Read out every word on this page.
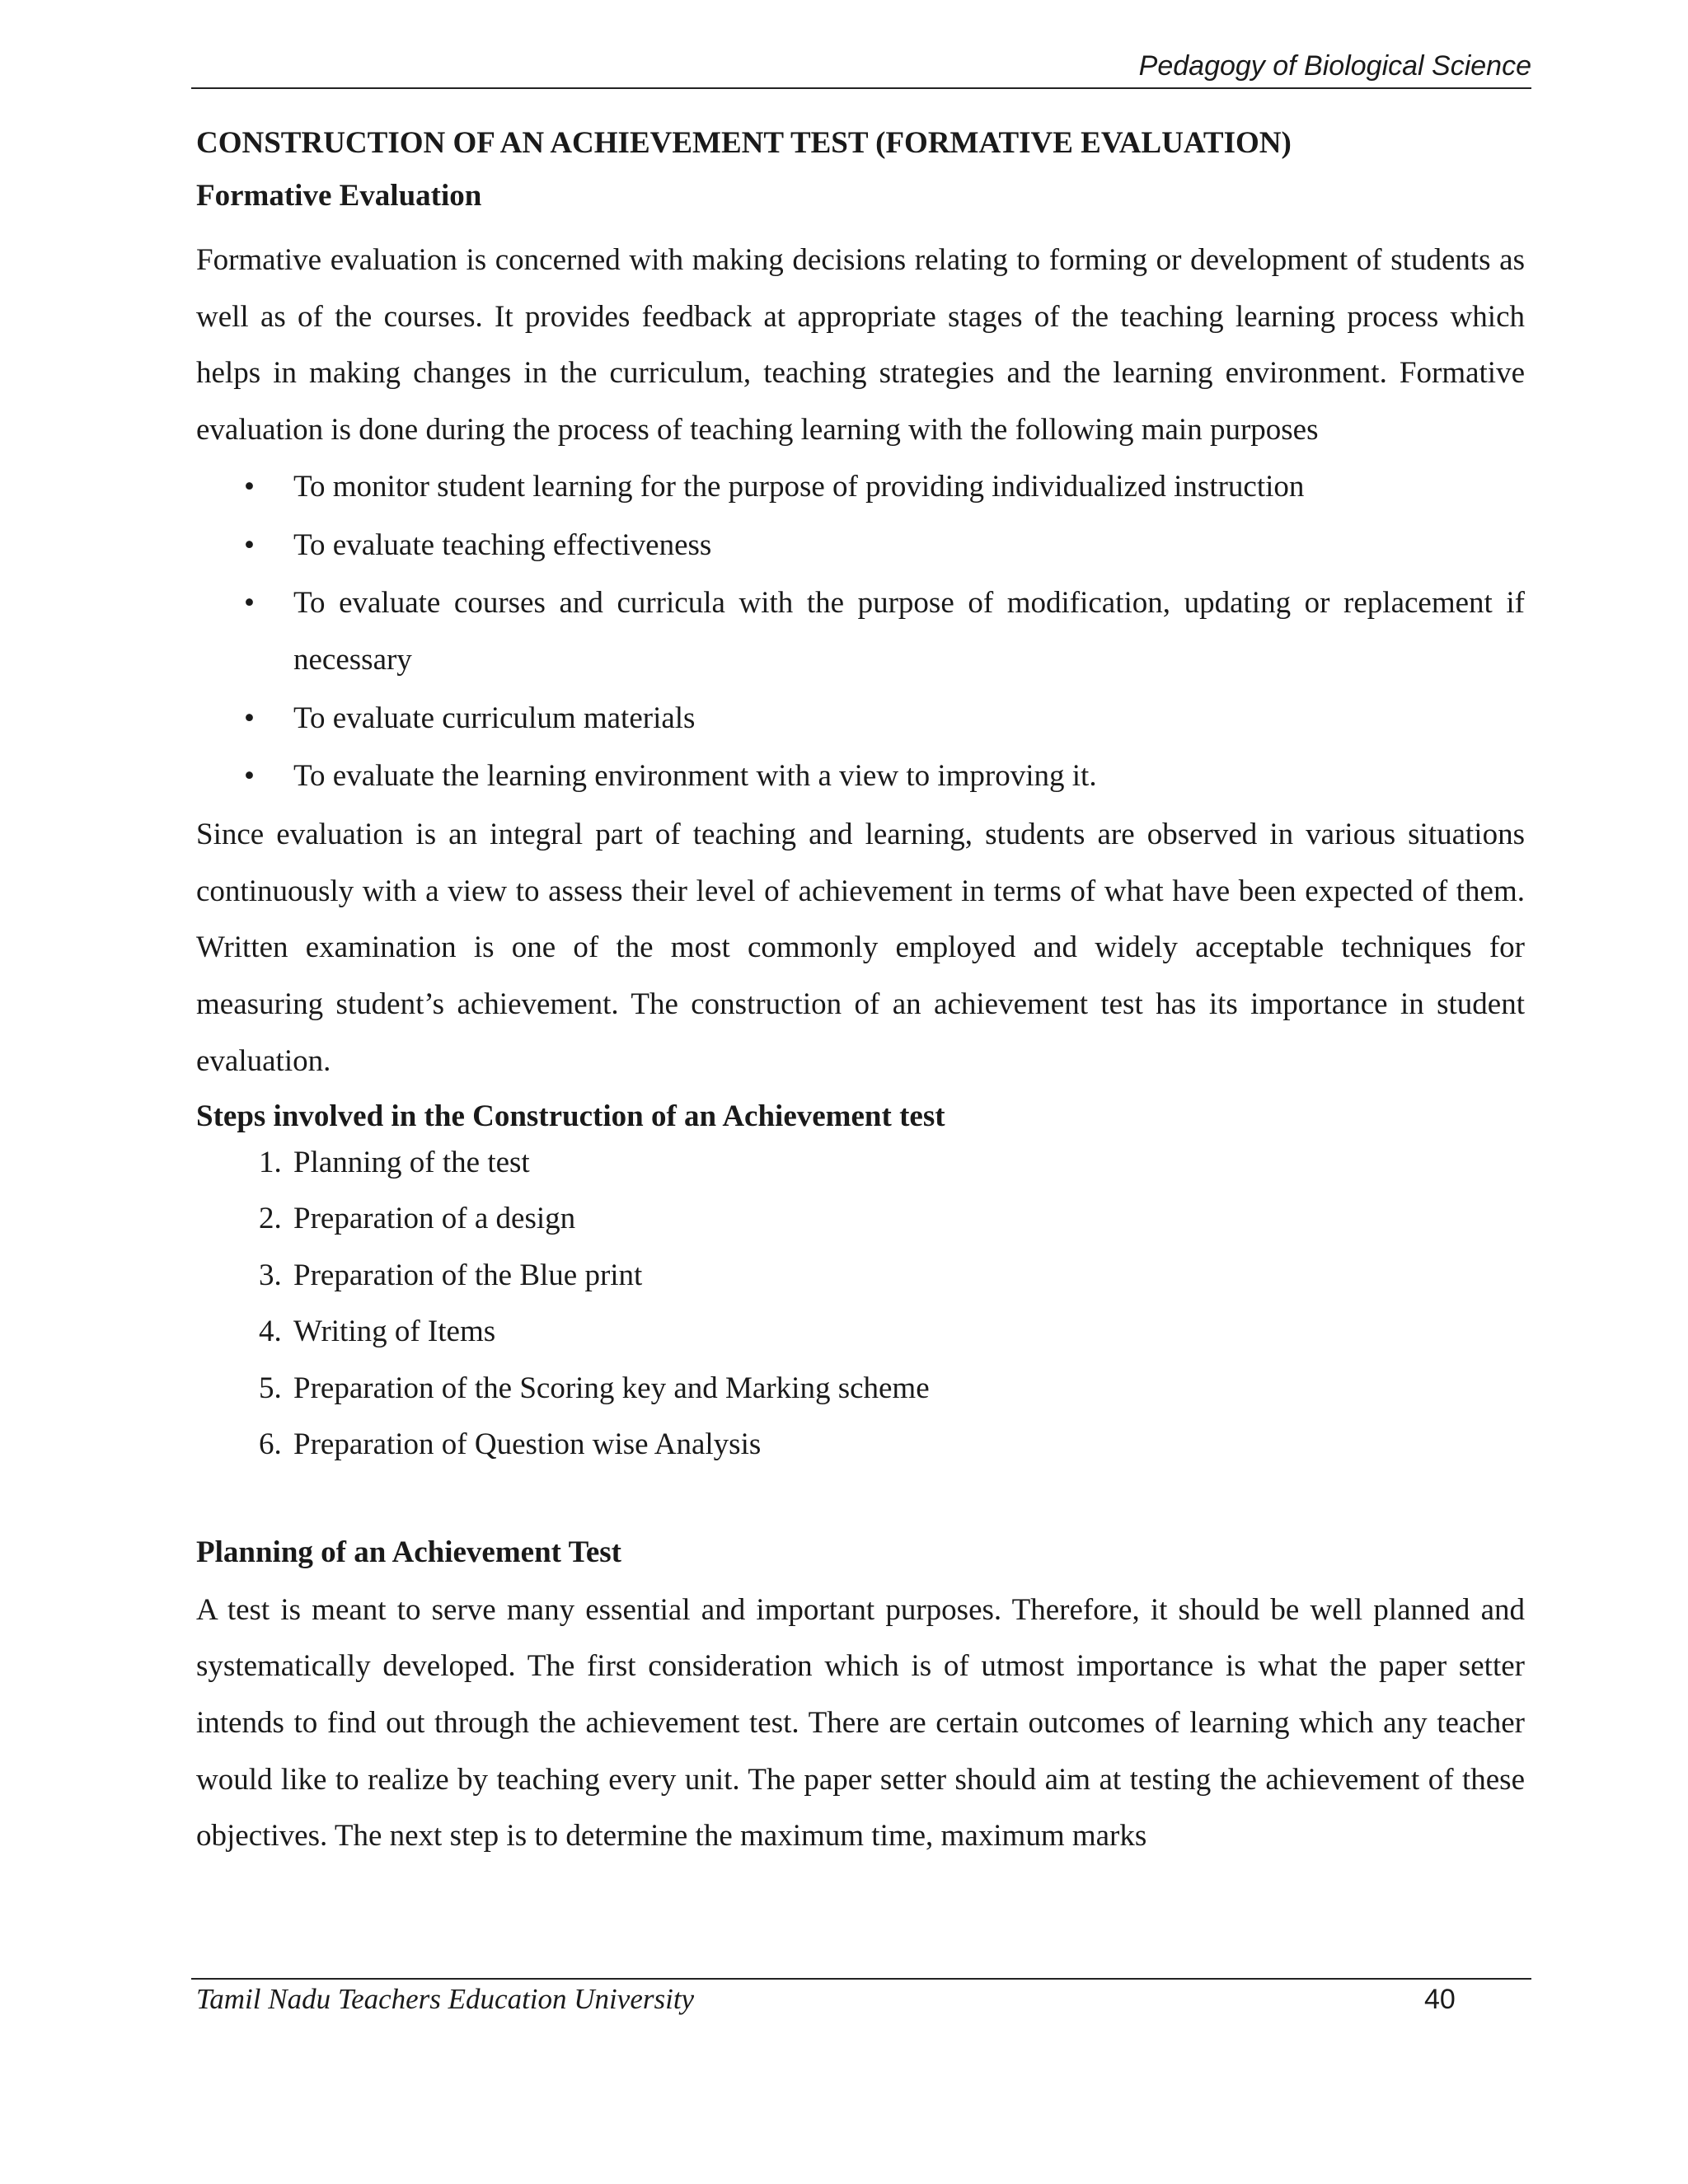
Pedagogy of Biological Science
CONSTRUCTION OF AN ACHIEVEMENT TEST (FORMATIVE EVALUATION)
Formative Evaluation

Formative evaluation is concerned with making decisions relating to forming or development of students as well as of the courses. It provides feedback at appropriate stages of the teaching learning process which helps in making changes in the curriculum, teaching strategies and the learning environment. Formative evaluation is done during the process of teaching learning with the following main purposes

• To monitor student learning for the purpose of providing individualized instruction
• To evaluate teaching effectiveness
• To evaluate courses and curricula with the purpose of modification, updating or replacement if necessary
• To evaluate curriculum materials
• To evaluate the learning environment with a view to improving it.

Since evaluation is an integral part of teaching and learning, students are observed in various situations continuously with a view to assess their level of achievement in terms of what have been expected of them. Written examination is one of the most commonly employed and widely acceptable techniques for measuring student’s achievement. The construction of an achievement test has its importance in student evaluation.

Steps involved in the Construction of an Achievement test
1. Planning of the test
2. Preparation of a design
3. Preparation of the Blue print
4. Writing of Items
5. Preparation of the Scoring key and Marking scheme
6. Preparation of Question wise Analysis
Planning of an Achievement Test

A test is meant to serve many essential and important purposes. Therefore, it should be well planned and systematically developed. The first consideration which is of utmost importance is what the paper setter intends to find out through the achievement test. There are certain outcomes of learning which any teacher would like to realize by teaching every unit. The paper setter should aim at testing the achievement of these objectives. The next step is to determine the maximum time, maximum marks

Tamil Nadu Teachers Education University	40
